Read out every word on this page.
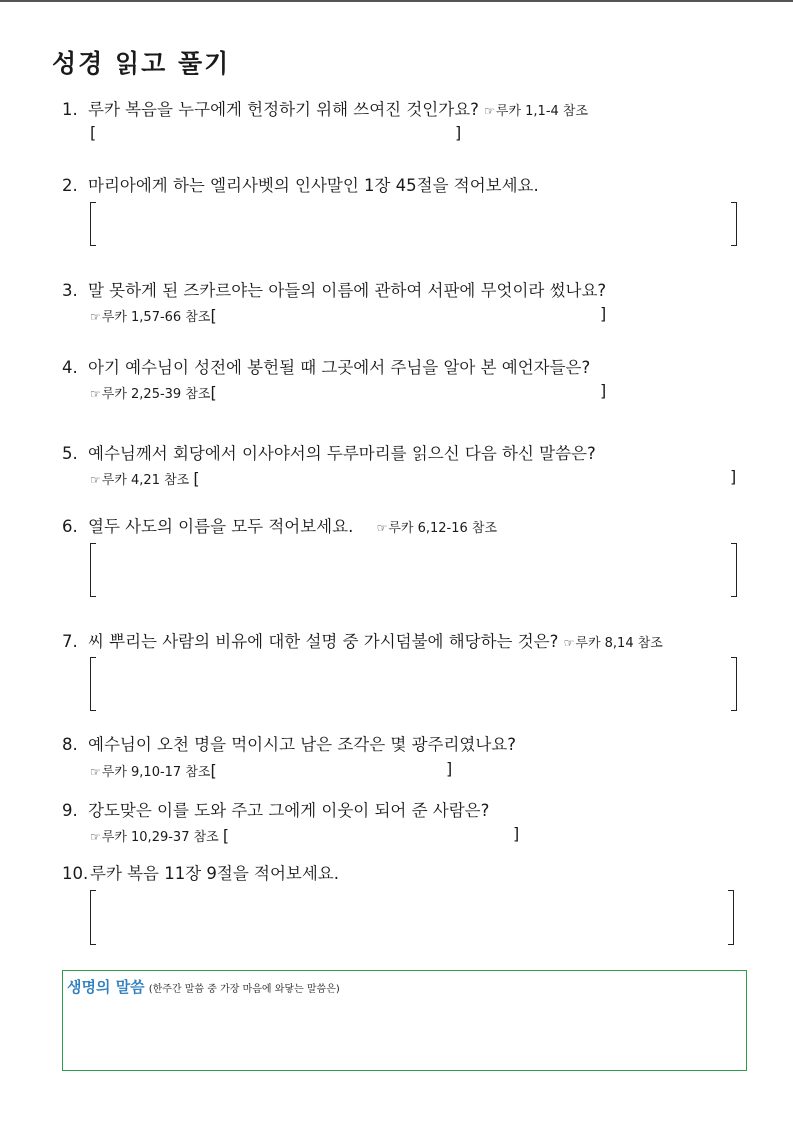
성경 읽고 풀기
1. 루카 복음을 누구에게 헌정하기 위해 쓰여진 것인가요? ☞루카 1,1-4 참조
[	]
2. 마리아에게 하는 엘리사벳의 인사말인 1장 45절을 적어보세요.
3. 말 못하게 된 즈카르야는 아들의 이름에 관하여 서판에 무엇이라 썼나요?
☞루카 1,57-66 참조[	]
4. 아기 예수님이 성전에 봉헌될 때 그곳에서 주님을 알아 본 예언자들은?
☞루카 2,25-39 참조[	]
5. 예수님께서 회당에서 이사야서의 두루마리를 읽으신 다음 하신 말씀은?
☞루카 4,21 참조 [	]
6. 열두 사도의 이름을 모두 적어보세요. ☞루카 6,12-16 참조
7. 씨 뿌리는 사람의 비유에 대한 설명 중 가시덤불에 해당하는 것은? ☞루카 8,14 참조
8. 예수님이 오천 명을 먹이시고 남은 조각은 몇 광주리였나요?
☞루카 9,10-17 참조[	]
9. 강도맞은 이를 도와 주고 그에게 이웃이 되어 준 사람은?
☞루카 10,29-37 참조 [	]
10. 루카 복음 11장 9절을 적어보세요.
생명의 말씀 (한주간 말씀 중 가장 마음에 와닿는 말씀은)
